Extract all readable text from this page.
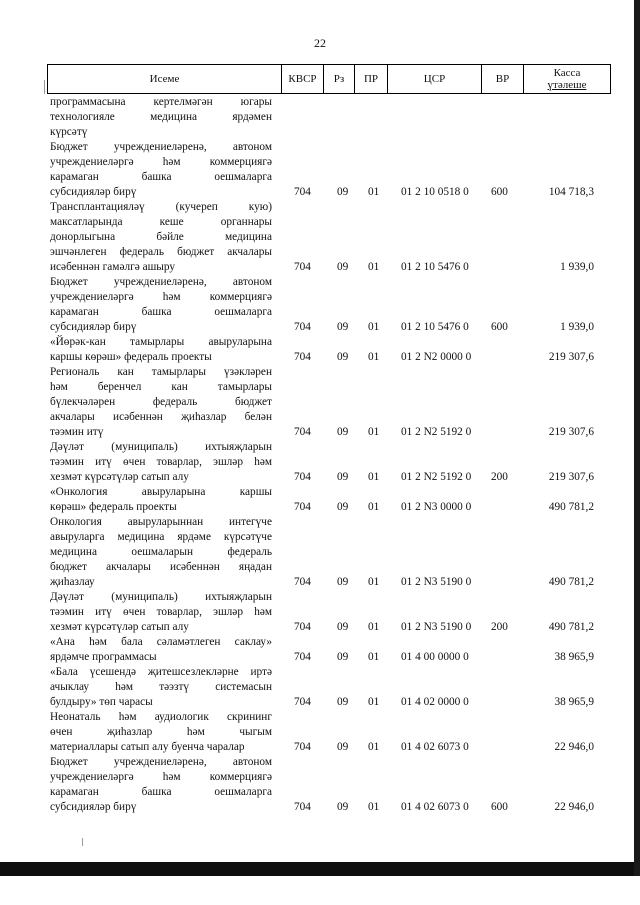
22
Исеме	КВСР	Рз	ПР	ЦСР	ВР	Касса
үтәлеше
программасына кертелмәгән югары
технологияле медицина ярдәмен
күрсәтү
Бюджет учреждениеләренә, автоном
учреждениеләргә һәм коммерциягә
карамаган башка оешмаларга
субсидияләр бирү	704 09 01 01 2 10 0518 0 600	104 718,3
Трансплантацияләү (кучереп кую)
максатларында кеше органнары
донорлыгына бәйле медицина
эшчәнлеген федераль бюджет акчалары
исәбеннән гамәлгә ашыру	704 09 01 01 2 10 5476 0	1 939,0
Бюджет учреждениеләренә, автоном
учреждениеләргә һәм коммерциягә
карамаган башка оешмаларга
субсидияләр бирү	704 09 01 01 2 10 5476 0 600	1 939,0
«Йөрәк-кан тамырлары авыруларына
каршы көрәш» федераль проекты	704 09 01 01 2 N2 0000 0	219 307,6
Региональ кан тамырлары үзәкләрен
һәм беренчел кан тамырлары
бүлекчәләрен федераль бюджет
акчалары исәбеннән җиһазлар белән
тәэмин итү	704 09 01 01 2 N2 5192 0	219 307,6
Дәүләт (муниципаль) ихтыяҗларын
тәэмин итү өчен товарлар, эшләр һәм
хезмәт күрсәтүләр сатып алу	704 09 01 01 2 N2 5192 0 200	219 307,6
«Онкология авыруларына каршы
көрәш» федераль проекты	704 09 01 01 2 N3 0000 0	490 781,2
Онкология авыруларыннан интегүче
авыруларга медицина ярдәме күрсәтүче
медицина оешмаларын федераль
бюджет акчалары исәбеннән яңадан
җиһазлау	704 09 01 01 2 N3 5190 0	490 781,2
Дәүләт (муниципаль) ихтыяҗларын
тәэмин итү өчен товарлар, эшләр һәм
хезмәт күрсәтүләр сатып алу	704 09 01 01 2 N3 5190 0 200	490 781,2
«Ана һәм бала сәламәтлеген саклау»
ярдәмче программасы	704 09 01 01 4 00 0000 0	38 965,9
«Бала үсешендә җитешсезлекләрне иртә
ачыклау һәм тәэзтү системасын
булдыру» төп чарасы	704 09 01 01 4 02 0000 0	38 965,9
Неонаталь һәм аудиологик скрининг
өчен җиһазлар һәм чыгым
материаллары сатып алу буенча чаралар	704 09 01 01 4 02 6073 0	22 946,0
Бюджет учреждениеләренә, автоном
учреждениеләргә һәм коммерциягә
карамаган башка оешмаларга
субсидияләр бирү	704 09 01 01 4 02 6073 0 600	22 946,0
